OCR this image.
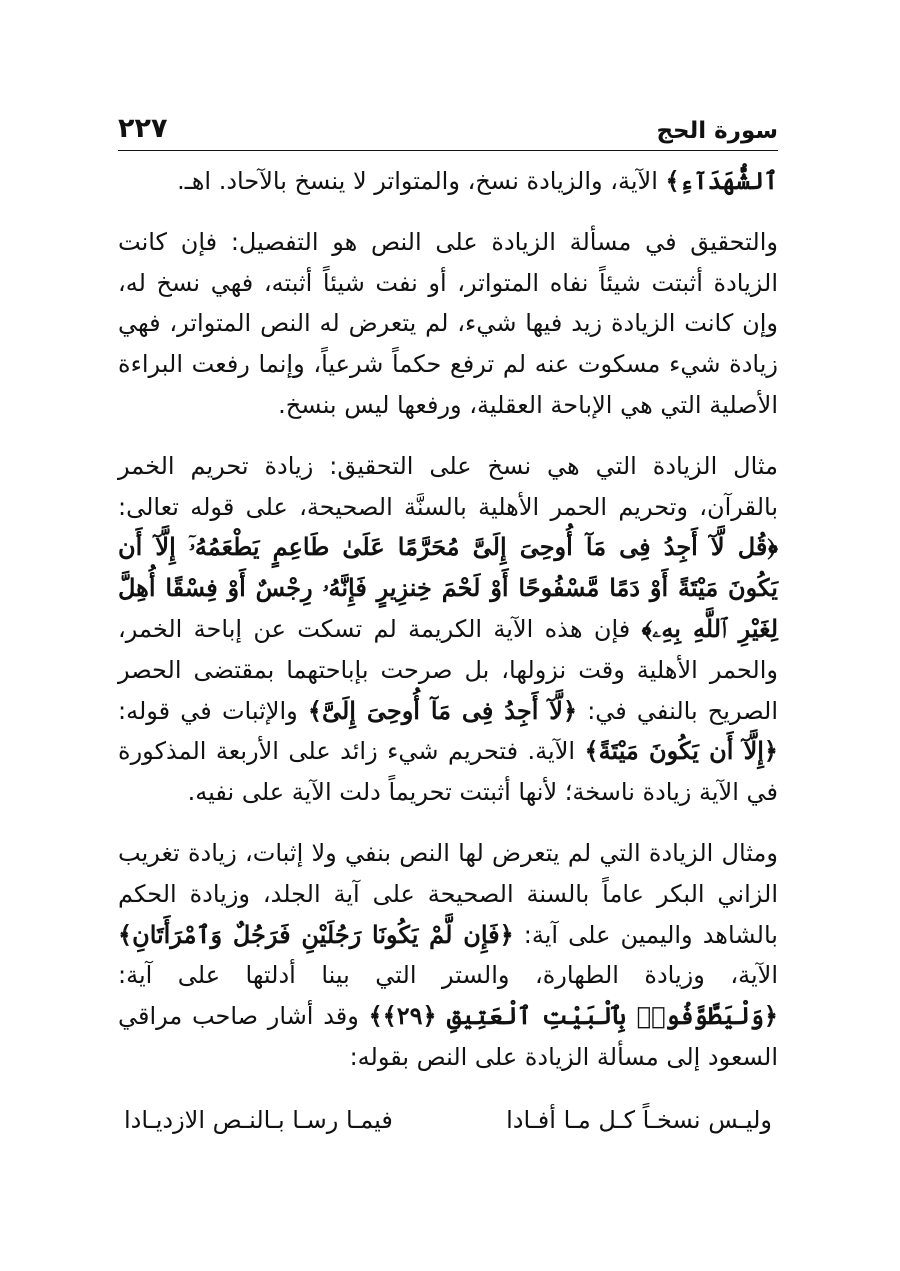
سورة الحج
٢٢٧

ٱلشُّهَدَآءِ﴾ الآية، والزيادة نسخ، والمتواتر لا ينسخ بالآحاد. اهـ.

والتحقيق في مسألة الزيادة على النص هو التفصيل: فإن كانت الزيادة أثبتت شيئاً نفاه المتواتر، أو نفت شيئاً أثبته، فهي نسخ له، وإن كانت الزيادة زيد فيها شيء، لم يتعرض له النص المتواتر، فهي زيادة شيء مسكوت عنه لم ترفع حكماً شرعياً، وإنما رفعت البراءة الأصلية التي هي الإباحة العقلية، ورفعها ليس بنسخ.

مثال الزيادة التي هي نسخ على التحقيق: زيادة تحريم الخمر بالقرآن، وتحريم الحمر الأهلية بالسنَّة الصحيحة، على قوله تعالى: ﴿قُل لَّآ أَجِدُ فِى مَآ أُوحِىَ إِلَىَّ مُحَرَّمًا عَلَىٰ طَاعِمٍ يَطْعَمُهُۥٓ إِلَّآ أَن يَكُونَ مَيْتَةً أَوْ دَمًا مَّسْفُوحًا أَوْ لَحْمَ خِنزِيرٍ فَإِنَّهُۥ رِجْسٌ أَوْ فِسْقًا أُهِلَّ لِغَيْرِ ٱللَّهِ بِهِۦ﴾ فإن هذه الآية الكريمة لم تسكت عن إباحة الخمر، والحمر الأهلية وقت نزولها، بل صرحت بإباحتهما بمقتضى الحصر الصريح بالنفي في: ﴿لَّآ أَجِدُ فِى مَآ أُوحِىَ إِلَىَّ﴾ والإثبات في قوله: ﴿إِلَّآ أَن يَكُونَ مَيْتَةً﴾ الآية. فتحريم شيء زائد على الأربعة المذكورة في الآية زيادة ناسخة؛ لأنها أثبتت تحريماً دلت الآية على نفيه.

ومثال الزيادة التي لم يتعرض لها النص بنفي ولا إثبات، زيادة تغريب الزاني البكر عاماً بالسنة الصحيحة على آية الجلد، وزيادة الحكم بالشاهد واليمين على آية: ﴿فَإِن لَّمْ يَكُونَا رَجُلَيْنِ فَرَجُلٌ وَٱمْرَأَتَانِ﴾ الآية، وزيادة الطهارة، والستر التي بينا أدلتها على آية: ﴿وَلْيَطَّوَّفُوا۟ بِٱلْبَيْتِ ٱلْعَتِيقِ ﴿٢٩﴾﴾ وقد أشار صاحب مراقي السعود إلى مسألة الزيادة على النص بقوله:

وليـس نسخـاً كـل مـا أفـادا
فيمـا رسـا بـالنـص الازديـادا
